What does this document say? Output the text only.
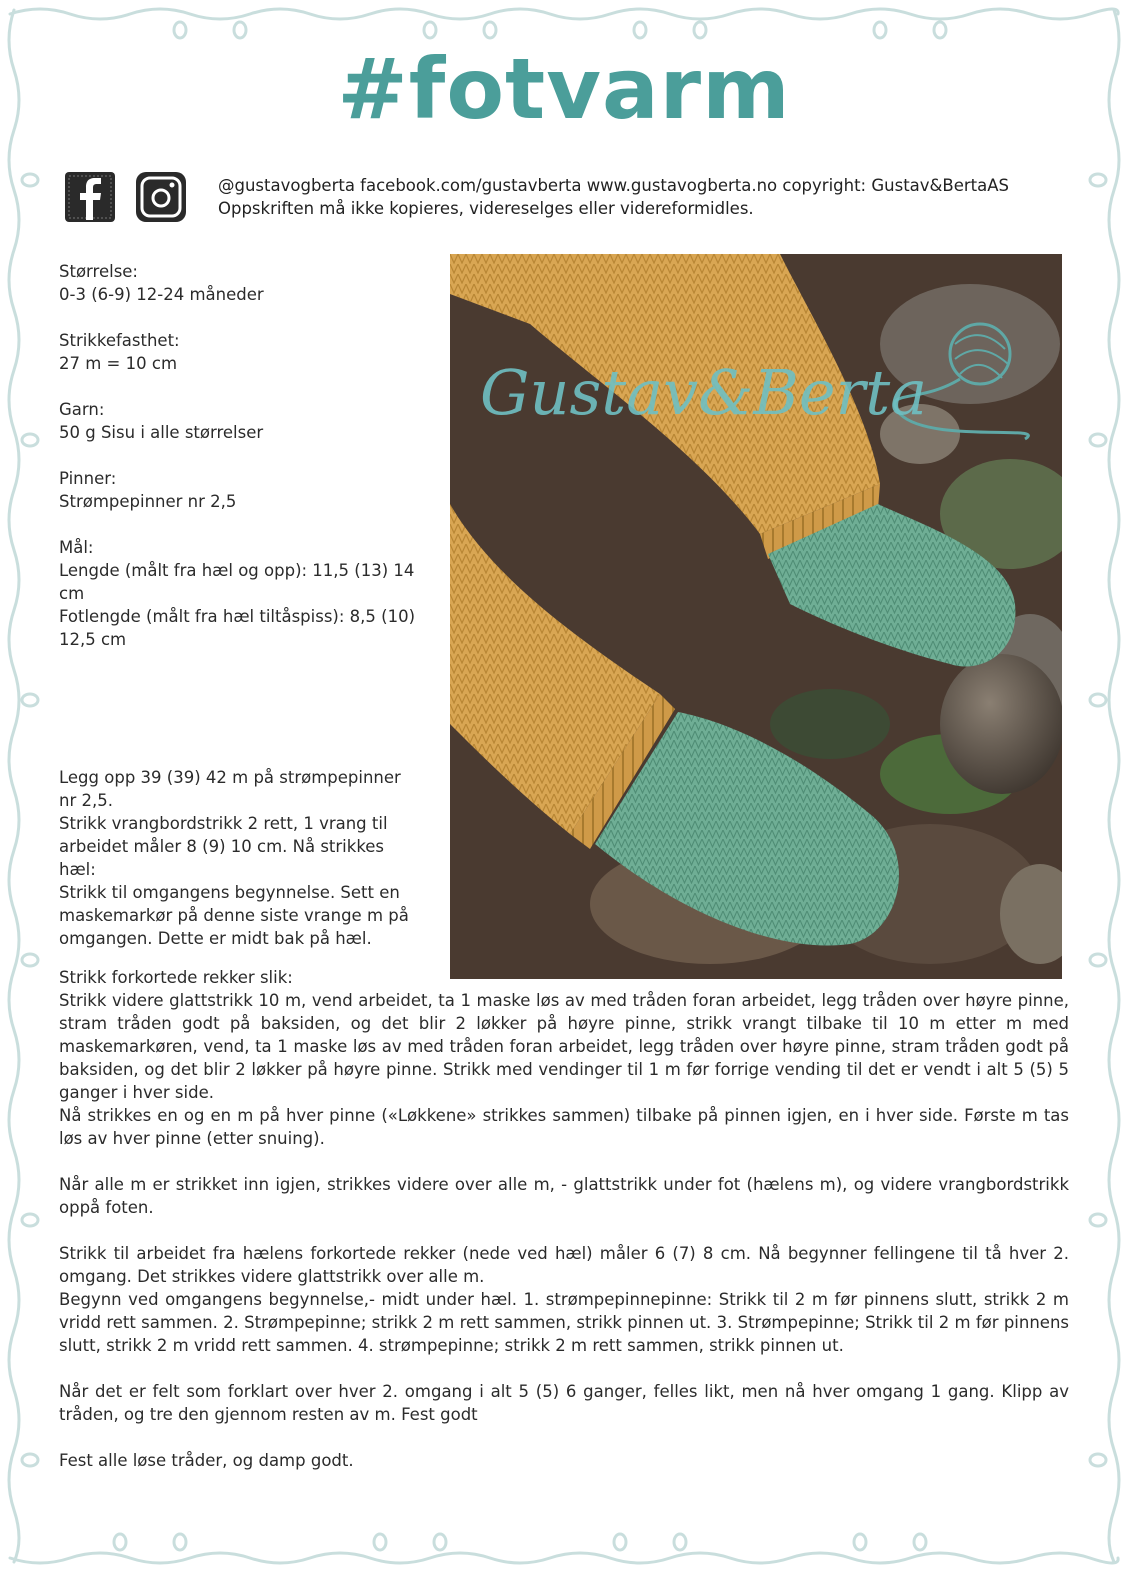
#fotvarm
@gustavogberta facebook.com/gustavberta www.gustavogberta.no copyright: Gustav&BertaAS
Oppskriften må ikke kopieres, videreselges eller videreformidles.
Størrelse:
0-3 (6-9) 12-24 måneder
Strikkefasthet:
27 m = 10 cm
Garn:
50 g Sisu i alle størrelser
Pinner:
Strømpepinner nr 2,5
Mål:
Lengde (målt fra hæl og opp): 11,5 (13) 14 cm
Fotlengde (målt fra hæl tiltåspiss): 8,5 (10) 12,5 cm
Gustav&Berta
Legg opp 39 (39) 42 m på strømpepinner nr 2,5.
Strikk vrangbordstrikk 2 rett, 1 vrang til arbeidet måler 8 (9) 10 cm. Nå strikkes hæl:
Strikk til omgangens begynnelse. Sett en maskemarkør på denne siste vrange m på omgangen. Dette er midt bak på hæl.

Strikk forkortede rekker slik:

Strikk videre glattstrikk 10 m, vend arbeidet, ta 1 maske løs av med tråden foran arbeidet, legg tråden over høyre pinne, stram tråden godt på baksiden, og det blir 2 løkker på høyre pinne, strikk vrangt tilbake til 10 m etter m med maskemarkøren, vend, ta 1 maske løs av med tråden foran arbeidet, legg tråden over høyre pinne, stram tråden godt på baksiden, og det blir 2 løkker på høyre pinne. Strikk med vendinger til 1 m før forrige vending til det er vendt i alt 5 (5) 5 ganger i hver side.

Nå strikkes en og en m på hver pinne («Løkkene» strikkes sammen) tilbake på pinnen igjen, en i hver side. Første m tas løs av hver pinne (etter snuing).

Når alle m er strikket inn igjen, strikkes videre over alle m, - glattstrikk under fot (hælens m), og videre vrangbordstrikk oppå foten.

Strikk til arbeidet fra hælens forkortede rekker (nede ved hæl) måler 6 (7) 8 cm. Nå begynner fellingene til tå hver 2. omgang. Det strikkes videre glattstrikk over alle m.

Begynn ved omgangens begynnelse,- midt under hæl. 1. strømpepinnepinne: Strikk til 2 m før pinnens slutt, strikk 2 m vridd rett sammen. 2. Strømpepinne; strikk 2 m rett sammen, strikk pinnen ut. 3. Strømpepinne; Strikk til 2 m før pinnens slutt, strikk 2 m vridd rett sammen. 4. strømpepinne; strikk 2 m rett sammen, strikk pinnen ut.

Når det er felt som forklart over hver 2. omgang i alt 5 (5) 6 ganger, felles likt, men nå hver omgang 1 gang. Klipp av tråden, og tre den gjennom resten av m. Fest godt

Fest alle løse tråder, og damp godt.
